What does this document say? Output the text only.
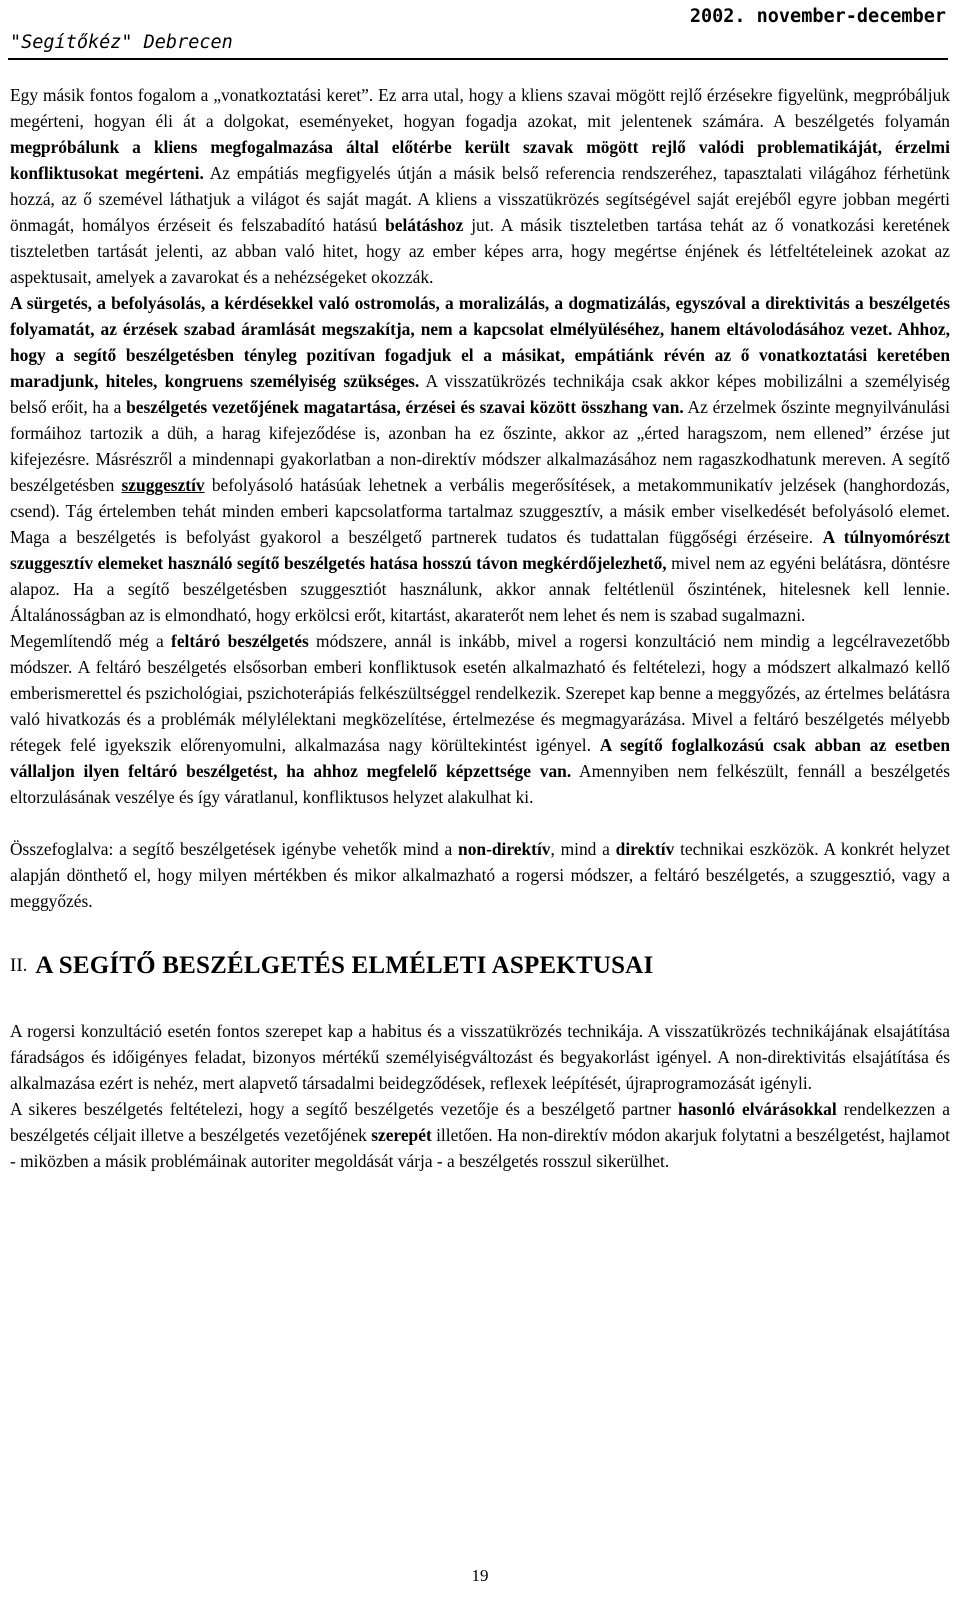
"Segítőkéz" Debrecen
2002. november-december

Egy másik fontos fogalom a „vonatkoztatási keret”. Ez arra utal, hogy a kliens szavai mögött rejlő érzésekre figyelünk, megpróbáljuk megérteni, hogyan éli át a dolgokat, eseményeket, hogyan fogadja azokat, mit jelentenek számára. A beszélgetés folyamán megpróbálunk a kliens megfogalmazása által előtérbe került szavak mögött rejlő valódi problematikáját, érzelmi konfliktusokat megérteni. Az empátiás megfigyelés útján a másik belső referencia rendszeréhez, tapasztalati világához férhetünk hozzá, az ő szemével láthatjuk a világot és saját magát. A kliens a visszatükrözés segítségével saját erejéből egyre jobban megérti önmagát, homályos érzéseit és felszabadító hatású belátáshoz jut. A másik tiszteletben tartása tehát az ő vonatkozási keretének tiszteletben tartását jelenti, az abban való hitet, hogy az ember képes arra, hogy megértse énjének és létfeltételeinek azokat az aspektusait, amelyek a zavarokat és a nehézségeket okozzák.

A sürgetés, a befolyásolás, a kérdésekkel való ostromolás, a moralizálás, a dogmatizálás, egyszóval a direktivitás a beszélgetés folyamatát, az érzések szabad áramlását megszakítja, nem a kapcsolat elmélyüléséhez, hanem eltávolodásához vezet. Ahhoz, hogy a segítő beszélgetésben tényleg pozitívan fogadjuk el a másikat, empátiánk révén az ő vonatkoztatási keretében maradjunk, hiteles, kongruens személyiség szükséges. A visszatükrözés technikája csak akkor képes mobilizálni a személyiség belső erőit, ha a beszélgetés vezetőjének magatartása, érzései és szavai között összhang van. Az érzelmek őszinte megnyilvánulási formáihoz tartozik a düh, a harag kifejeződése is, azonban ha ez őszinte, akkor az „érted haragszom, nem ellened” érzése jut kifejezésre. Másrészről a mindennapi gyakorlatban a non-direktív módszer alkalmazásához nem ragaszkodhatunk mereven. A segítő beszélgetésben szuggesztív befolyásoló hatásúak lehetnek a verbális megerősítések, a metakommunikatív jelzések (hanghordozás, csend). Tág értelemben tehát minden emberi kapcsolatforma tartalmaz szuggesztív, a másik ember viselkedését befolyásoló elemet. Maga a beszélgetés is befolyást gyakorol a beszélgető partnerek tudatos és tudattalan függőségi érzéseire. A túlnyomórészt szuggesztív elemeket használó segítő beszélgetés hatása hosszú távon megkérdőjelezhető, mivel nem az egyéni belátásra, döntésre alapoz. Ha a segítő beszélgetésben szuggesztiót használunk, akkor annak feltétlenül őszintének, hitelesnek kell lennie. Általánosságban az is elmondható, hogy erkölcsi erőt, kitartást, akaraterőt nem lehet és nem is szabad sugalmazni.

Megemlítendő még a feltáró beszélgetés módszere, annál is inkább, mivel a rogersi konzultáció nem mindig a legcélravezetőbb módszer. A feltáró beszélgetés elsősorban emberi konfliktusok esetén alkalmazható és feltételezi, hogy a módszert alkalmazó kellő emberismerettel és pszichológiai, pszichoterápiás felkészültséggel rendelkezik. Szerepet kap benne a meggyőzés, az értelmes belátásra való hivatkozás és a problémák mélylélektani megközelítése, értelmezése és megmagyarázása. Mivel a feltáró beszélgetés mélyebb rétegek felé igyekszik előrenyomulni, alkalmazása nagy körültekintést igényel. A segítő foglalkozású csak abban az esetben vállaljon ilyen feltáró beszélgetést, ha ahhoz megfelelő képzettsége van. Amennyiben nem felkészült, fennáll a beszélgetés eltorzulásának veszélye és így váratlanul, konfliktusos helyzet alakulhat ki.

Összefoglalva: a segítő beszélgetések igénybe vehetők mind a non-direktív, mind a direktív technikai eszközök. A konkrét helyzet alapján dönthető el, hogy milyen mértékben és mikor alkalmazható a rogersi módszer, a feltáró beszélgetés, a szuggesztió, vagy a meggyőzés.

II. A SEGÍTŐ BESZÉLGETÉS ELMÉLETI ASPEKTUSAI

A rogersi konzultáció esetén fontos szerepet kap a habitus és a visszatükrözés technikája. A visszatükrözés technikájának elsajátítása fáradságos és időigényes feladat, bizonyos mértékű személyiségváltozást és begyakorlást igényel. A non-direktivitás elsajátítása és alkalmazása ezért is nehéz, mert alapvető társadalmi beidegződések, reflexek leépítését, újraprogramozását igényli.

A sikeres beszélgetés feltételezi, hogy a segítő beszélgetés vezetője és a beszélgető partner hasonló elvárásokkal rendelkezzen a beszélgetés céljait illetve a beszélgetés vezetőjének szerepét illetően. Ha non-direktív módon akarjuk folytatni a beszélgetést, hajlamot - miközben a másik problémáinak autoriter megoldását várja - a beszélgetés rosszul sikerülhet.

19
